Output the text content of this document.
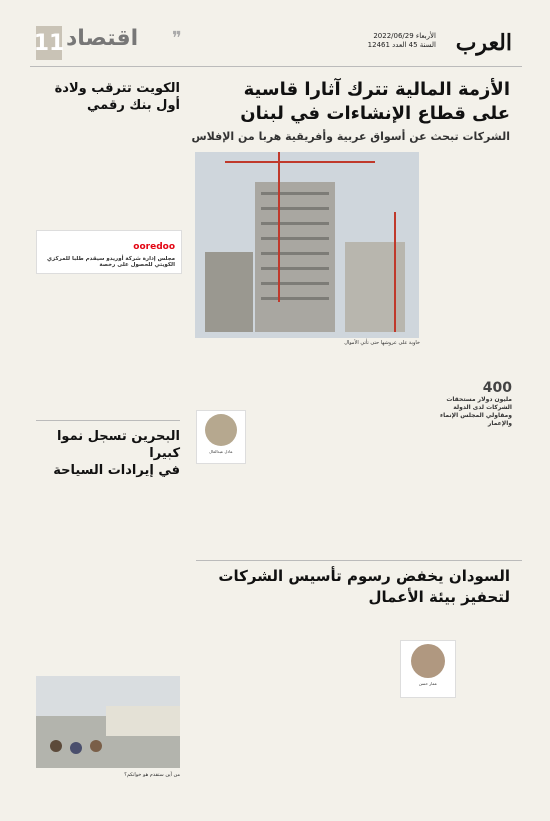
11 اقتصاد ❞	العرب
الأربعاء 2022/06/29
السنة 45 العدد 12461
الأزمة المالية تترك آثارا قاسية
على قطاع الإنشاءات في لبنان
الشركات تبحث عن أسواق عربية وأفريقية هربا من الإفلاس
خاوية على عروشها حتى تأتي الأموال
400
مليون دولار مستحقات الشركات لدى الدولة ومقاولي المجلس الإنماء والإعمار
عادل عبدالعال
الكويت تترقب ولادة
أول بنك رقمي
ooredoo
مجلس إدارة شركة أوريدو سيقدم طلبا للمركزي الكويتي للحصول على رخصة
البحرين تسجل نموا كبيرا
في إيرادات السياحة
من أين ستقدم هو خواتكم؟
السودان يخفض رسوم تأسيس الشركات
لتحفيز بيئة الأعمال
عمار حسن
